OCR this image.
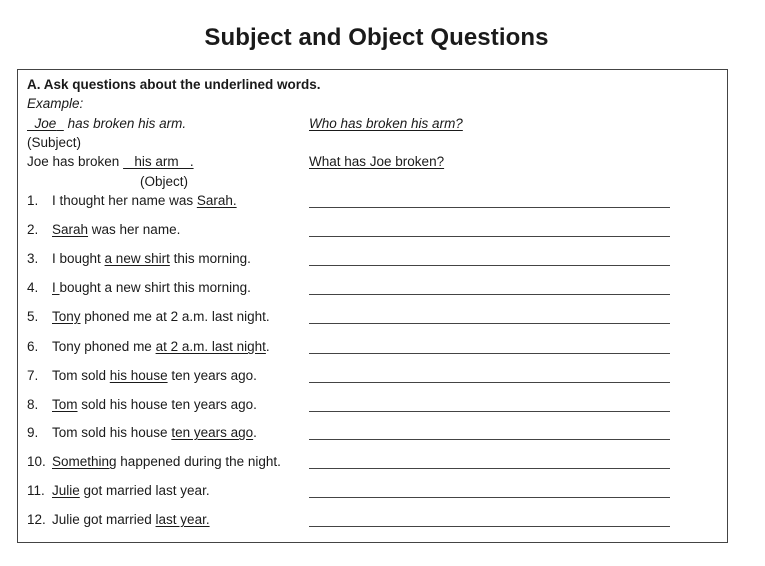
Subject and Object Questions
A. Ask questions about the underlined words.
Example:
Joe   has broken his arm.	Who has broken his arm?
(Subject)
Joe has broken    his arm   .	What has Joe broken?
(Object)
1. I thought her name was Sarah.
2. Sarah was her name.
3. I bought a new shirt this morning.
4. I bought a new shirt this morning.
5. Tony phoned me at 2 a.m. last night.
6. Tony phoned me at 2 a.m. last night.
7. Tom sold his house ten years ago.
8. Tom sold his house ten years ago.
9. Tom sold his house ten years ago.
10. Something happened during the night.
11. Julie got married last year.
12. Julie got married last year.
